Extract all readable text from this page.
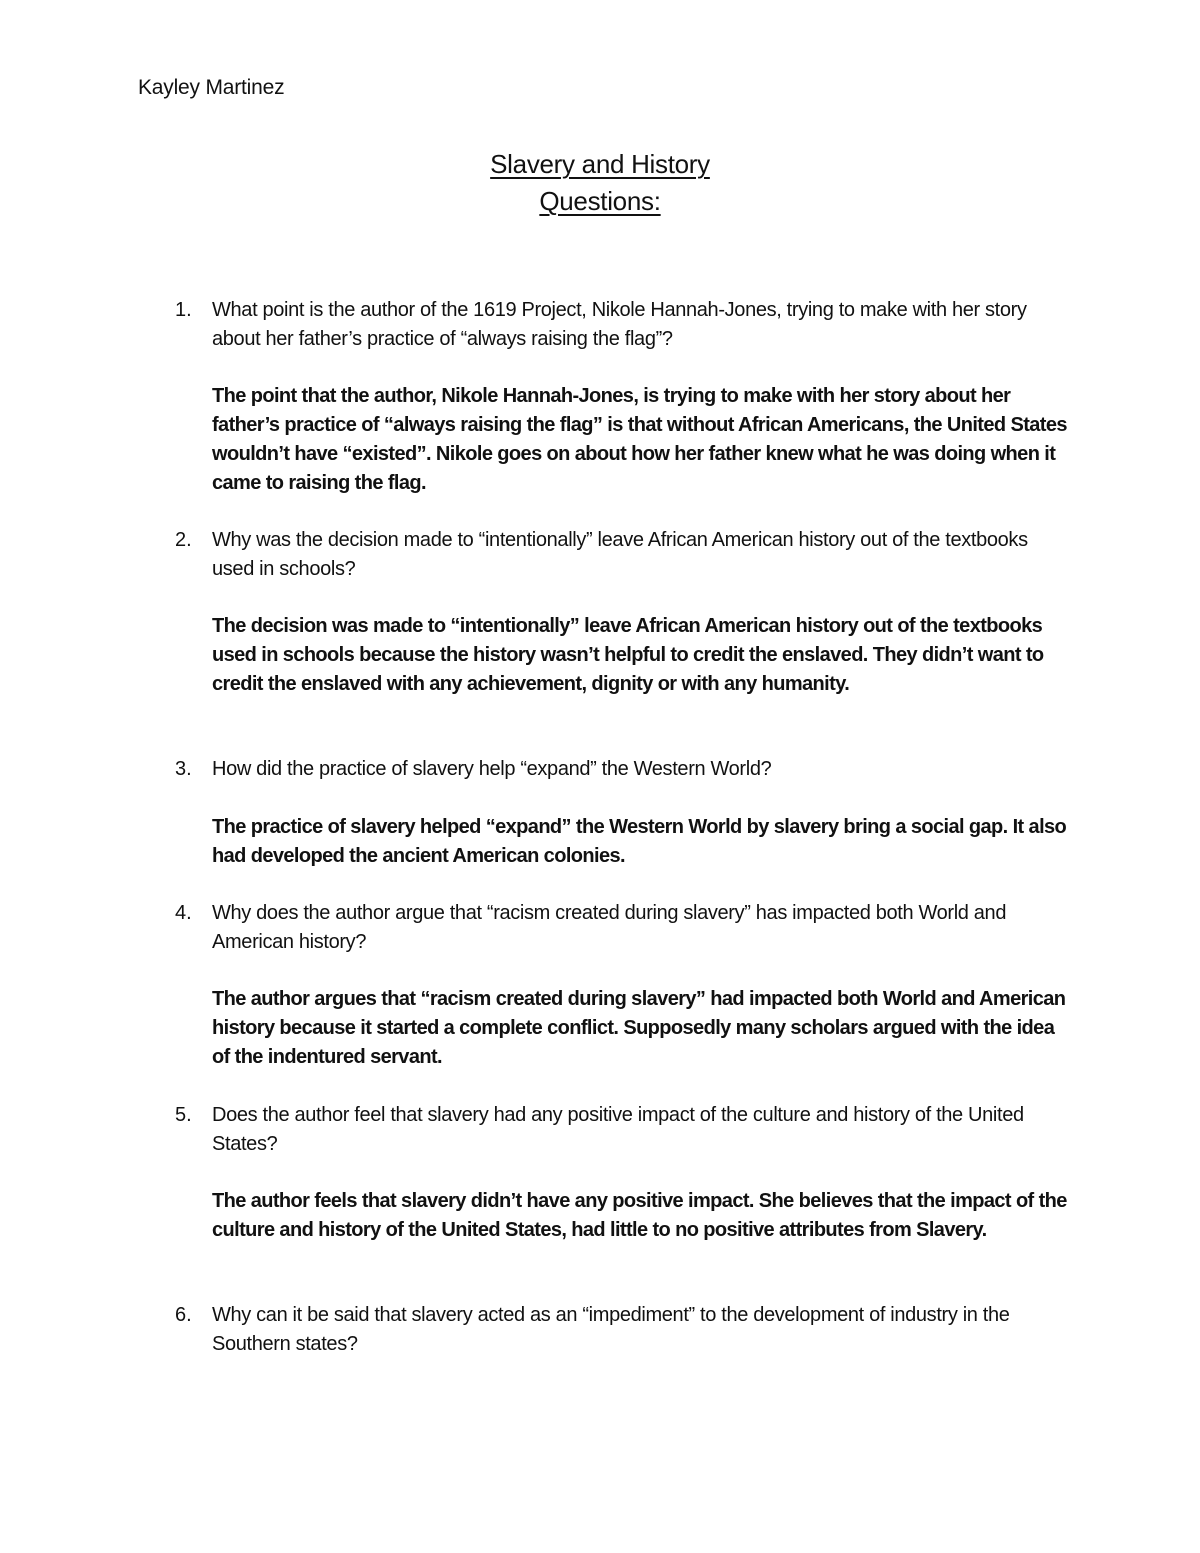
Kayley Martinez
Slavery and History
Questions:
1. What point is the author of the 1619 Project, Nikole Hannah-Jones, trying to make with her story about her father’s practice of “always raising the flag”?
The point that the author, Nikole Hannah-Jones, is trying to make with her story about her father’s practice of “always raising the flag” is that without African Americans, the United States wouldn’t have “existed”. Nikole goes on about how her father knew what he was doing when it came to raising the flag.
2. Why was the decision made to “intentionally” leave African American history out of the textbooks used in schools?
The decision was made to “intentionally” leave African American history out of the textbooks used in schools because the history wasn’t helpful to credit the enslaved. They didn’t want to credit the enslaved with any achievement, dignity or with any humanity.
3. How did the practice of slavery help “expand” the Western World?
The practice of slavery helped “expand” the Western World by slavery bring a social gap. It also had developed the ancient American colonies.
4. Why does the author argue that “racism created during slavery” has impacted both World and American history?
The author argues that “racism created during slavery” had impacted both World and American history because it started a complete conflict. Supposedly many scholars argued with the idea of the indentured servant.
5. Does the author feel that slavery had any positive impact of the culture and history of the United States?
The author feels that slavery didn’t have any positive impact. She believes that the impact of the culture and history of the United States, had little to no positive attributes from Slavery.
6. Why can it be said that slavery acted as an “impediment” to the development of industry in the Southern states?
